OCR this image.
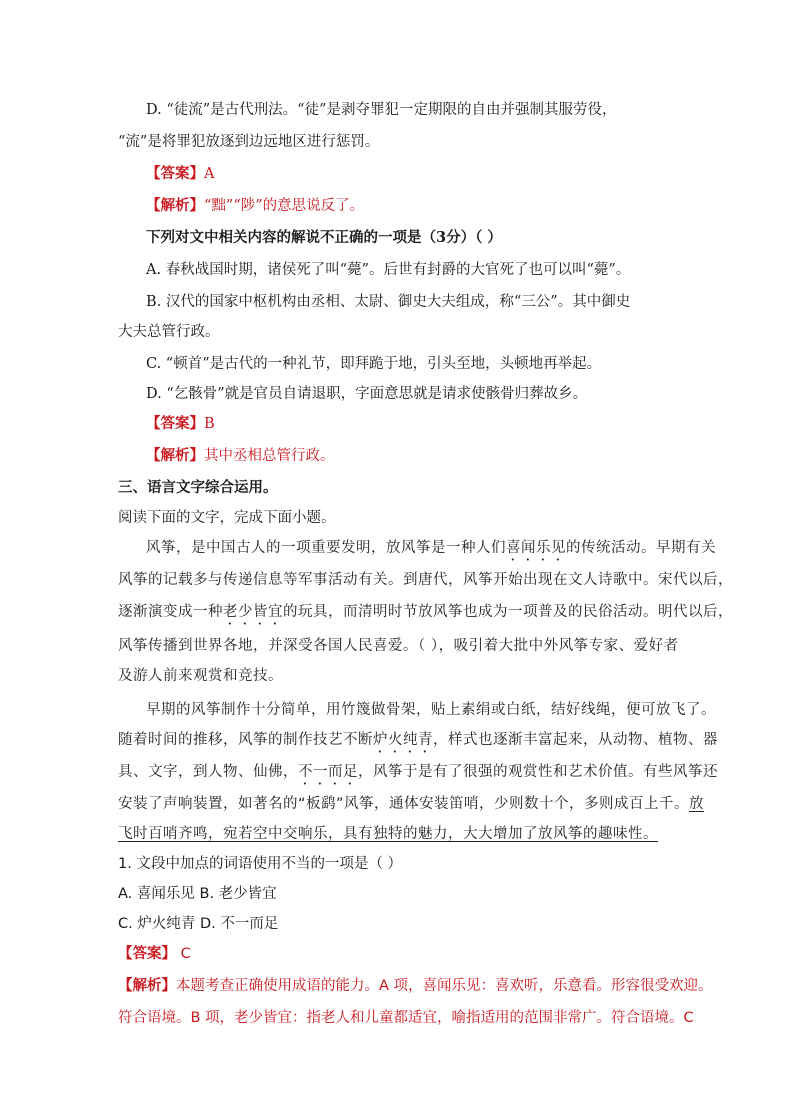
D. “徒流”是古代刑法。“徒”是剥夺罪犯一定期限的自由并强制其服劳役，

“流”是将罪犯放逐到边远地区进行惩罚。

【答案】A

【解析】“黜”“陟”的意思说反了。

下列对文中相关内容的解说不正确的一项是（3分）（ ）

A. 春秋战国时期，诸侯死了叫“薨”。后世有封爵的大官死了也可以叫“薨”。

B. 汉代的国家中枢机构由丞相、太尉、御史大夫组成，称“三公”。其中御史

大夫总管行政。

C. “顿首”是古代的一种礼节，即拜跪于地，引头至地，头顿地再举起。

D. “乞骸骨”就是官员自请退职，字面意思就是请求使骸骨归葬故乡。

【答案】B

【解析】其中丞相总管行政。

三、语言文字综合运用。

阅读下面的文字，完成下面小题。

风筝，是中国古人的一项重要发明，放风筝是一种人们喜闻乐见的传统活动。早期有关

风筝的记载多与传递信息等军事活动有关。到唐代，风筝开始出现在文人诗歌中。宋代以后，

逐渐演变成一种老少皆宜的玩具，而清明时节放风筝也成为一项普及的民俗活动。明代以后，

风筝传播到世界各地，并深受各国人民喜爱。（ ），吸引着大批中外风筝专家、爱好者

及游人前来观赏和竞技。

早期的风筝制作十分简单，用竹篾做骨架，贴上素绢或白纸，结好线绳，便可放飞了。

随着时间的推移，风筝的制作技艺不断炉火纯青，样式也逐渐丰富起来，从动物、植物、器

具、文字，到人物、仙佛，不一而足，风筝于是有了很强的观赏性和艺术价值。有些风筝还

安装了声响装置，如著名的“板鹞”风筝，通体安装笛哨，少则数十个，多则成百上千。放

飞时百哨齐鸣，宛若空中交响乐，具有独特的魅力，大大增加了放风筝的趣味性。

1. 文段中加点的词语使用不当的一项是（ ）

A. 喜闻乐见 B. 老少皆宜

C. 炉火纯青 D. 不一而足

【答案】 C

【解析】本题考查正确使用成语的能力。A 项，喜闻乐见：喜欢听，乐意看。形容很受欢迎。

符合语境。B 项，老少皆宜：指老人和儿童都适宜，喻指适用的范围非常广。符合语境。C
